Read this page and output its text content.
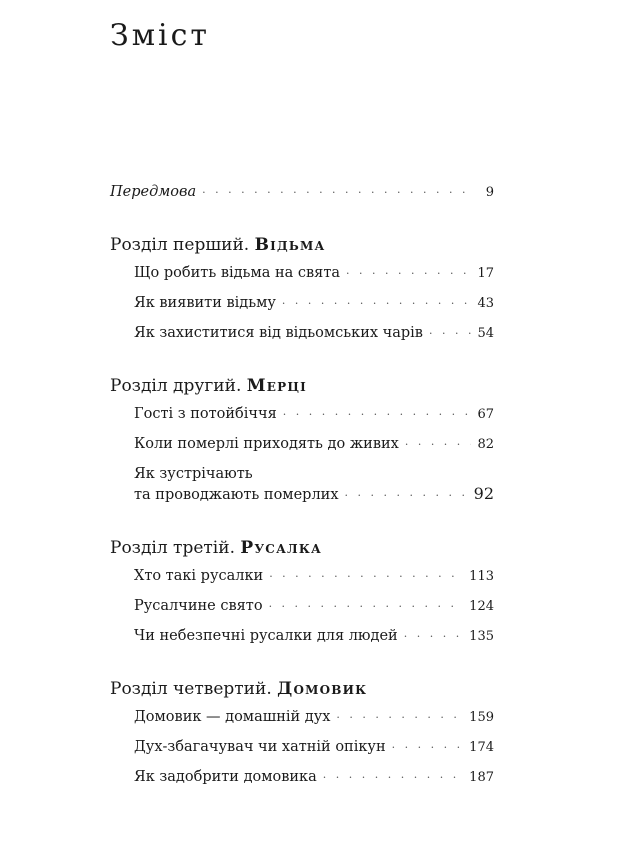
Зміст
Передмова · · ·	9
Розділ перший. Відьма
Що робить відьма на свята · · ·	17
Як виявити відьму · · ·	43
Як захиститися від відьомських чарів · · ·	54
Розділ другий. Мерці
Гості з потойбіччя · · ·	67
Коли померлі приходять до живих · · ·	82
Як зустрічають
та проводжають померлих · · ·	92
Розділ третій. Русалка
Хто такі русалки · · ·	113
Русалчине свято · · ·	124
Чи небезпечні русалки для людей · · ·	135
Розділ четвертий. Домовик
Домовик — домашній дух · · ·	159
Дух-збагачувач чи хатній опікун · · ·	174
Як задобрити домовика · · ·	187
